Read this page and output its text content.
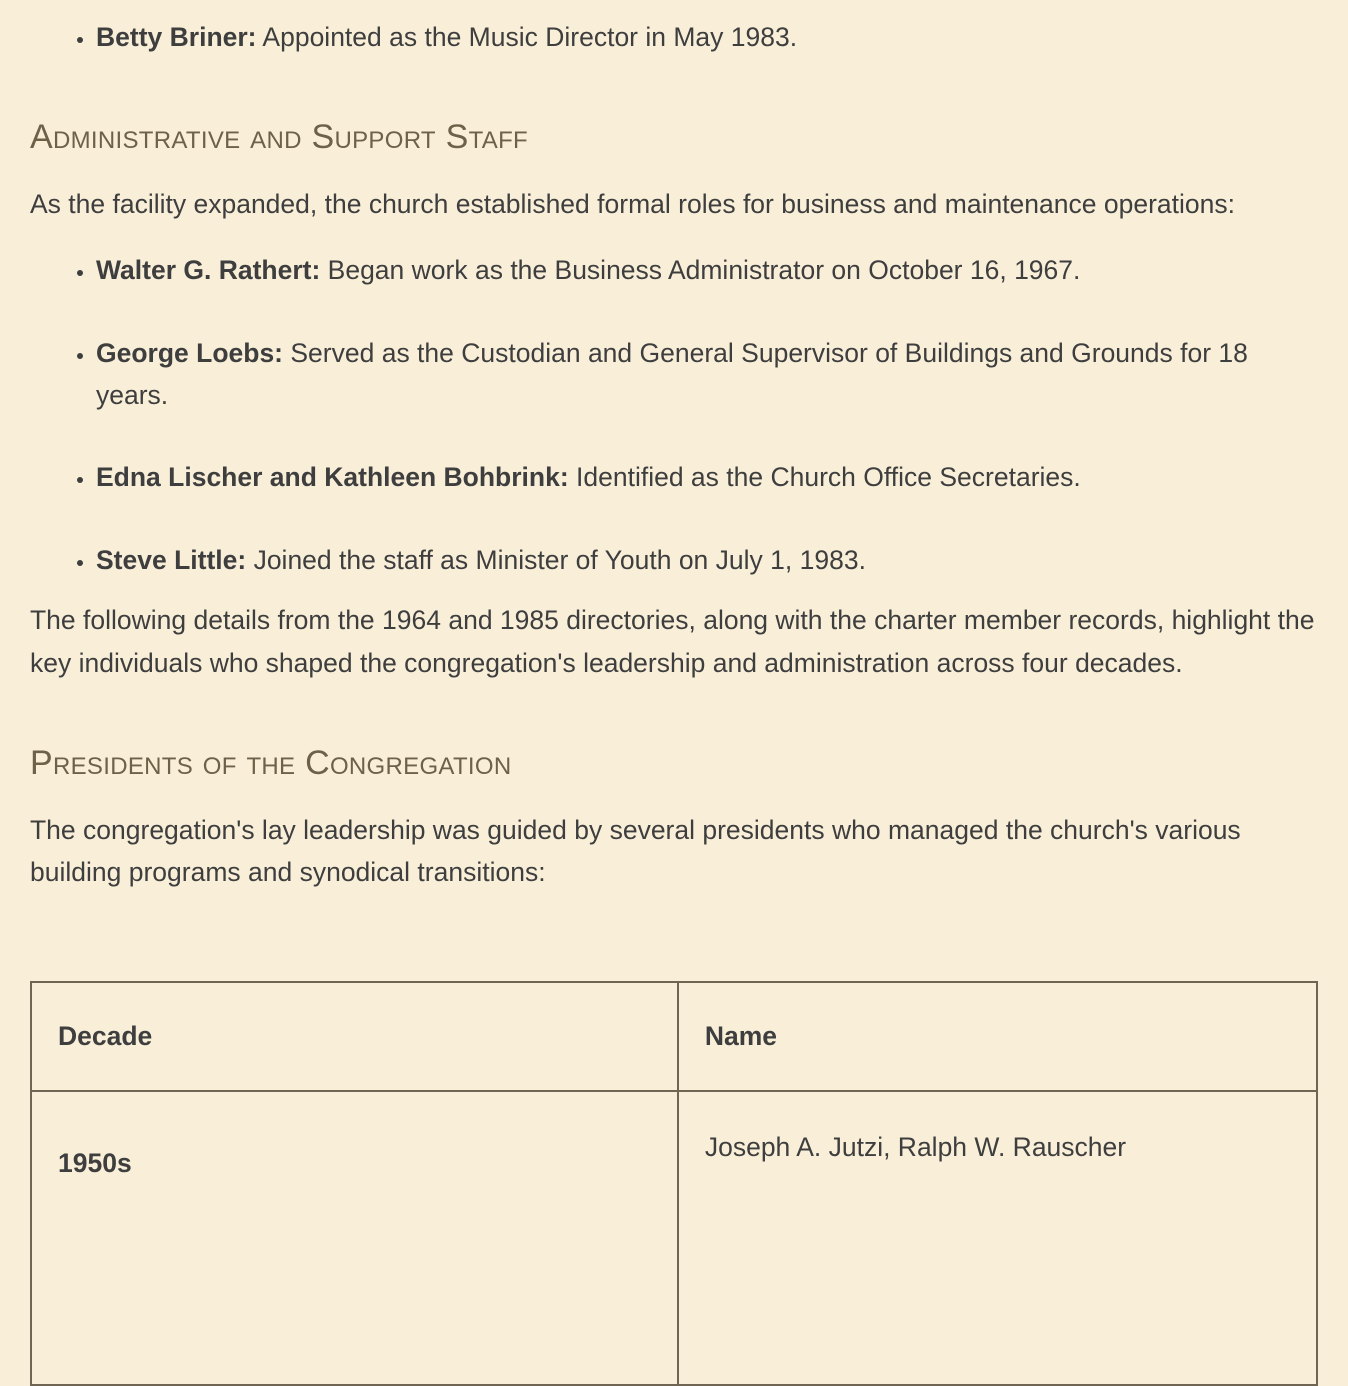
• Betty Briner: Appointed as the Music Director in May 1983.
Administrative and Support Staff

As the facility expanded, the church established formal roles for business and maintenance operations:

• Walter G. Rathert: Began work as the Business Administrator on October 16, 1967.
• George Loebs: Served as the Custodian and General Supervisor of Buildings and Grounds for 18 years.
• Edna Lischer and Kathleen Bohbrink: Identified as the Church Office Secretaries.
• Steve Little: Joined the staff as Minister of Youth on July 1, 1983.

The following details from the 1964 and 1985 directories, along with the charter member records, highlight the key individuals who shaped the congregation's leadership and administration across four decades.

Presidents of the Congregation

The congregation's lay leadership was guided by several presidents who managed the church's various building programs and synodical transitions:

Decade	Name
1950s	Joseph A. Jutzi, Ralph W. Rauscher
